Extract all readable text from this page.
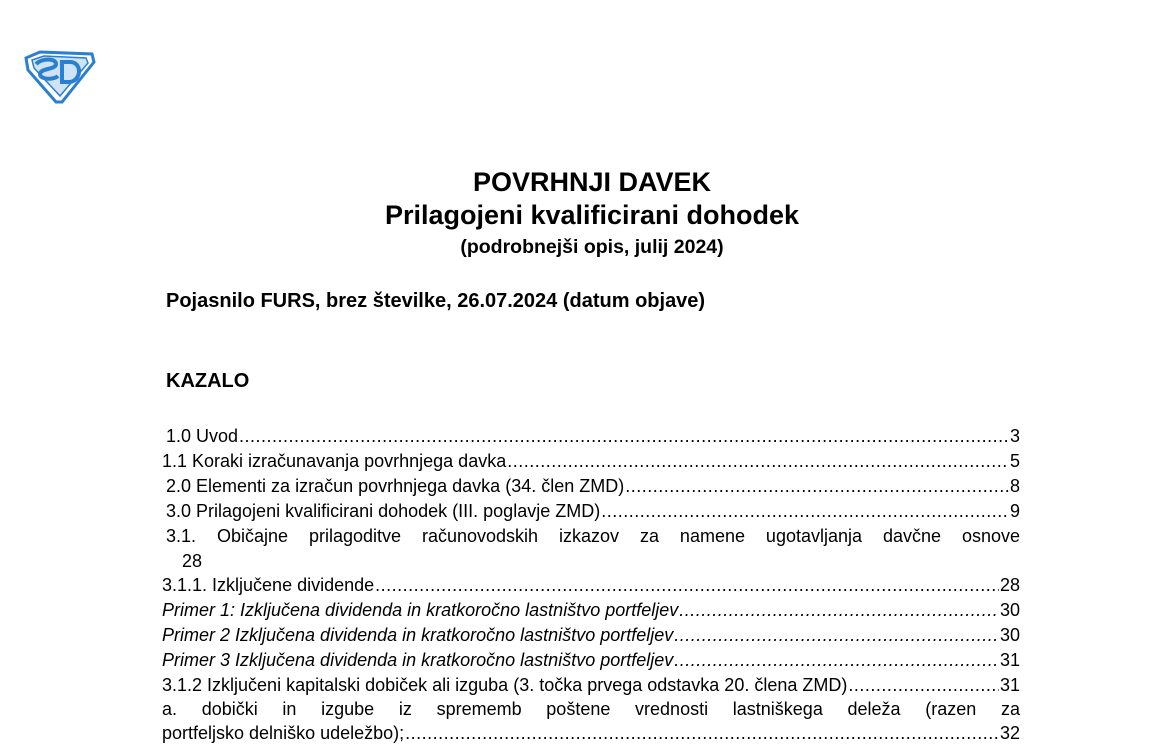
POVRHNJI DAVEK
Prilagojeni kvalificirani dohodek
(podrobnejši opis, julij 2024)
Pojasnilo FURS, brez številke, 26.07.2024 (datum objave)
KAZALO
1.0 Uvod .....	3
1.1 Koraki izračunavanja povrhnjega davka .....	5
2.0 Elementi za izračun povrhnjega davka (34. člen ZMD) .....	8
3.0 Prilagojeni kvalificirani dohodek (III. poglavje ZMD) .....	9
3.1. Običajne prilagoditve računovodskih izkazov za namene ugotavljanja davčne osnove
28
3.1.1. Izključene dividende .....	28
Primer 1: Izključena dividenda in kratkoročno lastništvo portfeljev .....	30
Primer 2 Izključena dividenda in kratkoročno lastništvo portfeljev .....	30
Primer 3 Izključena dividenda in kratkoročno lastništvo portfeljev .....	31
3.1.2 Izključeni kapitalski dobiček ali izguba (3. točka prvega odstavka 20. člena ZMD) .....	31
a. dobički in izgube iz sprememb poštene vrednosti lastniškega deleža (razen za
portfeljsko delniško udeležbo); .....	32
